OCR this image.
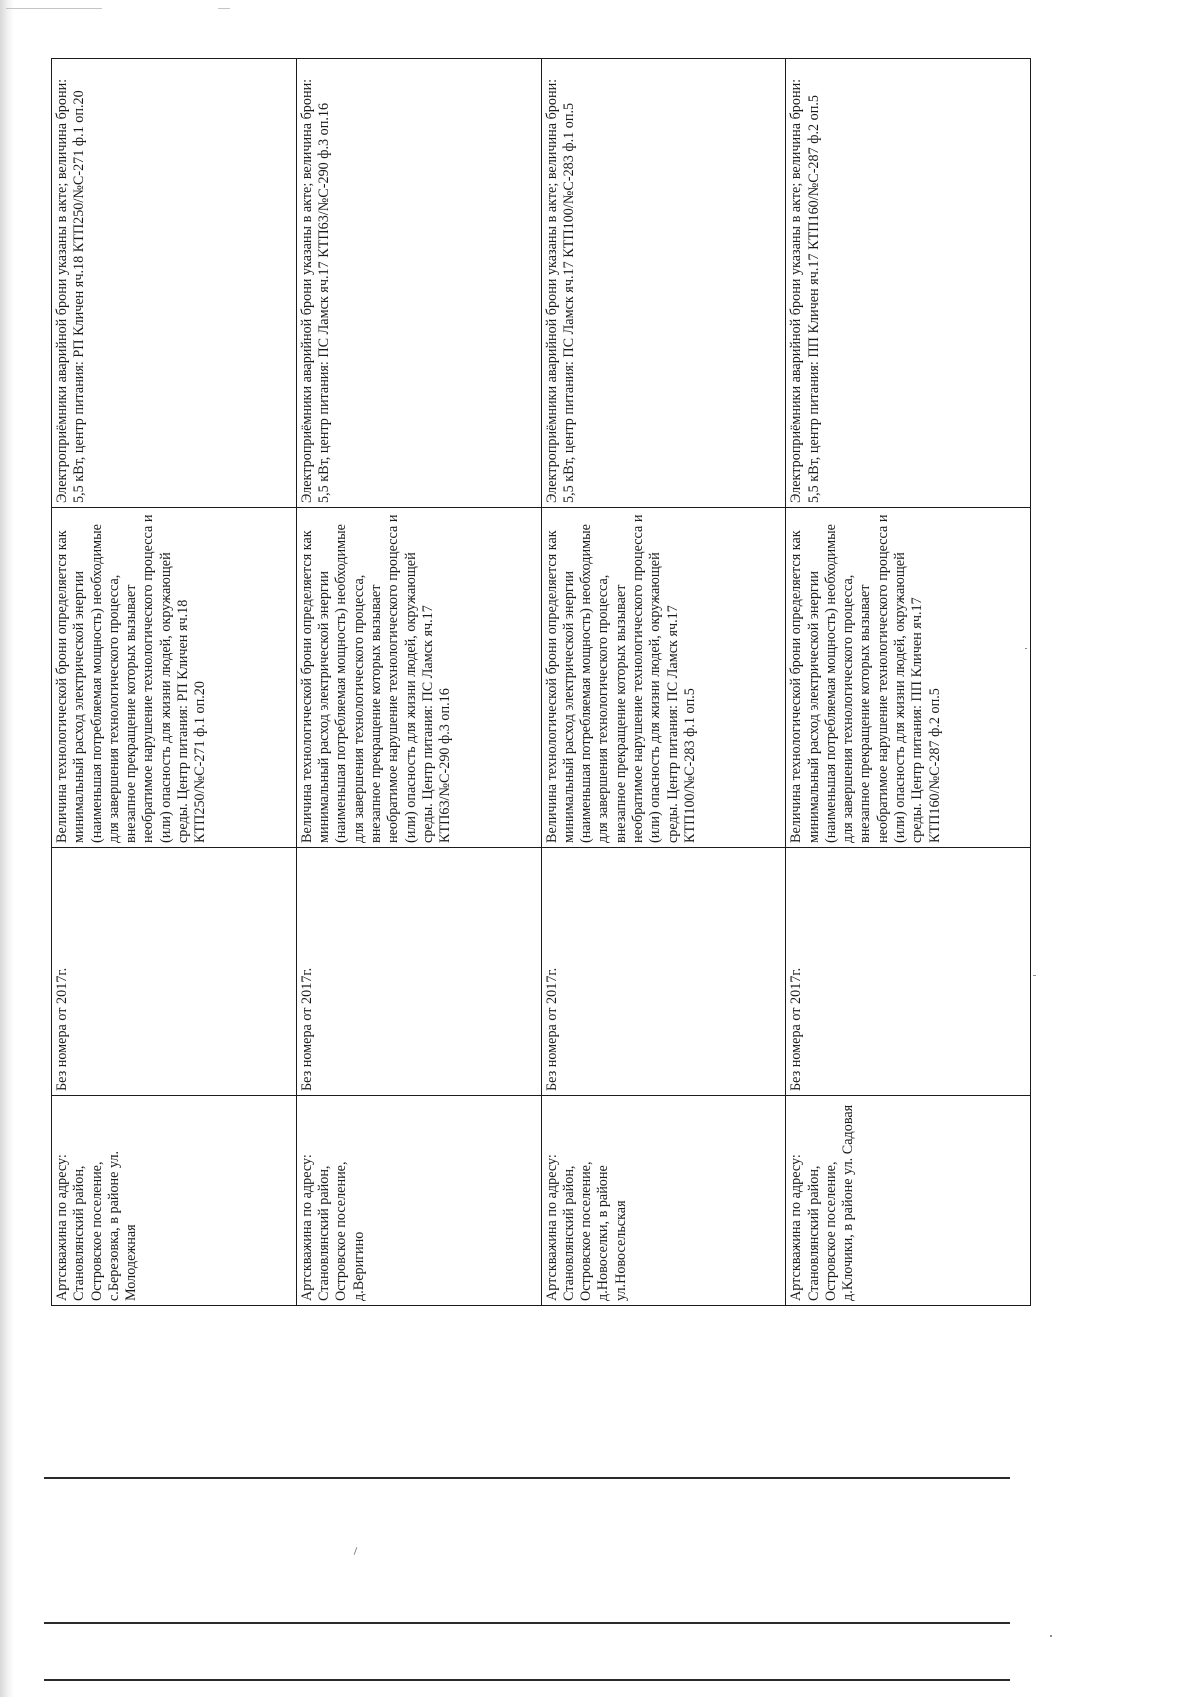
Артскважина по адресу: Становлянский район, Островское поселение, с.Березовка, в районе ул. Молодежная	Без номера от 2017г.	Величина технологической брони определяется как минимальный расход электрической энергии (наименьшая потребляемая мощность) необходимые для завершения технологического процесса, внезапное прекращение которых вызывает необратимое нарушение технологического процесса и (или) опасность для жизни людей, окружающей среды. Центр питания: РП Кличен яч.18 КТП250/№С-271 ф.1 оп.20	Электроприёмники аварийной брони указаны в акте; величина брони: 5,5 кВт, центр питания: РП Кличен яч.18 КТП250/№С-271 ф.1 оп.20
Артскважина по адресу: Становлянский район, Островское поселение, д.Веригино	Без номера от 2017г.	Величина технологической брони определяется как минимальный расход электрической энергии (наименьшая потребляемая мощность) необходимые для завершения технологического процесса, внезапное прекращение которых вызывает необратимое нарушение технологического процесса и (или) опасность для жизни людей, окружающей среды. Центр питания: ПС Ламск яч.17 КТП63/№С-290 ф.3 оп.16	Электроприёмники аварийной брони указаны в акте; величина брони: 5,5 кВт, центр питания: ПС Ламск яч.17 КТП63/№С-290 ф.3 оп.16
Артскважина по адресу: Становлянский район, Островское поселение, д.Новоселки, в районе ул.Новосельская	Без номера от 2017г.	Величина технологической брони определяется как минимальный расход электрической энергии (наименьшая потребляемая мощность) необходимые для завершения технологического процесса, внезапное прекращение которых вызывает необратимое нарушение технологического процесса и (или) опасность для жизни людей, окружающей среды. Центр питания: ПС Ламск яч.17 КТП100/№С-283 ф.1 оп.5	Электроприёмники аварийной брони указаны в акте; величина брони: 5,5 кВт, центр питания: ПС Ламск яч.17 КТП100/№С-283 ф.1 оп.5
Артскважина по адресу: Становлянский район, Островское поселение, д.Клочики, в районе ул. Садовая	Без номера от 2017г.	Величина технологической брони определяется как минимальный расход электрической энергии (наименьшая потребляемая мощность) необходимые для завершения технологического процесса, внезапное прекращение которых вызывает необратимое нарушение технологического процесса и (или) опасность для жизни людей, окружающей среды. Центр питания: ПП Кличен яч.17 КТП160/№С-287 ф.2 оп.5	Электроприёмники аварийной брони указаны в акте; величина брони: 5,5 кВт, центр питания: ПП Кличен яч.17 КТП160/№С-287 ф.2 оп.5
